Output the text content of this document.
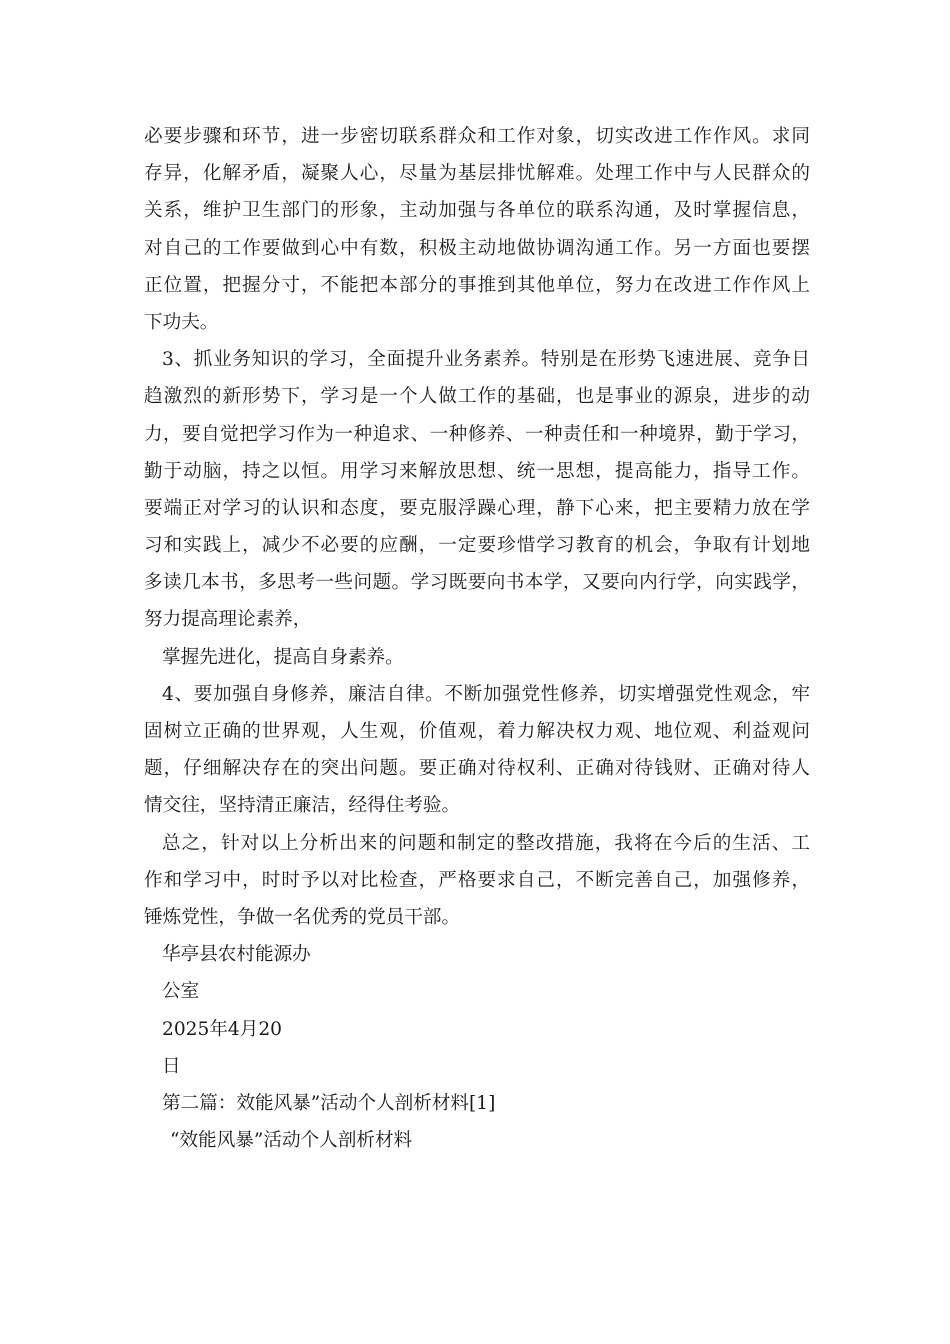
必要步骤和环节，进一步密切联系群众和工作对象，切实改进工作作风。求同
存异，化解矛盾，凝聚人心，尽量为基层排忧解难。处理工作中与人民群众的
关系，维护卫生部门的形象，主动加强与各单位的联系沟通，及时掌握信息，
对自己的工作要做到心中有数，积极主动地做协调沟通工作。另一方面也要摆
正位置，把握分寸，不能把本部分的事推到其他单位，努力在改进工作作风上
下功夫。
3、抓业务知识的学习，全面提升业务素养。特别是在形势飞速进展、竞争日
趋激烈的新形势下，学习是一个人做工作的基础，也是事业的源泉，进步的动
力，要自觉把学习作为一种追求、一种修养、一种责任和一种境界，勤于学习，
勤于动脑，持之以恒。用学习来解放思想、统一思想，提高能力，指导工作。
要端正对学习的认识和态度，要克服浮躁心理，静下心来，把主要精力放在学
习和实践上，减少不必要的应酬，一定要珍惜学习教育的机会，争取有计划地
多读几本书，多思考一些问题。学习既要向书本学，又要向内行学，向实践学，
努力提高理论素养，
掌握先进化，提高自身素养。
4、要加强自身修养，廉洁自律。不断加强党性修养，切实增强党性观念，牢
固树立正确的世界观，人生观，价值观，着力解决权力观、地位观、利益观问
题，仔细解决存在的突出问题。要正确对待权利、正确对待钱财、正确对待人
情交往，坚持清正廉洁，经得住考验。
总之，针对以上分析出来的问题和制定的整改措施，我将在今后的生活、工
作和学习中，时时予以对比检查，严格要求自己，不断完善自己，加强修养，
锤炼党性，争做一名优秀的党员干部。
华亭县农村能源办
公室
2025年4月20
日
第二篇：效能风暴”活动个人剖析材料[1]
“效能风暴”活动个人剖析材料
